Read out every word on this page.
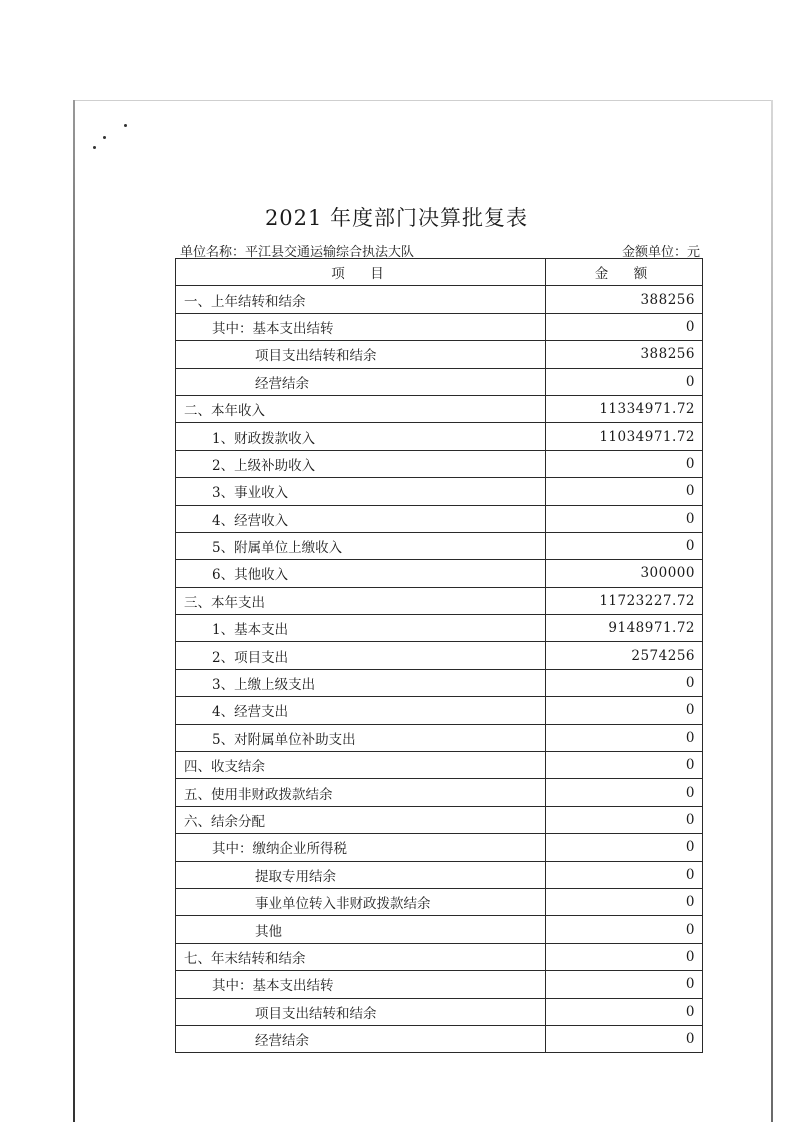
2021 年度部门决算批复表
单位名称：平江县交通运输综合执法大队	金额单位：元
项　目	金　额
一、上年结转和结余	388256
其中：基本支出结转	0
项目支出结转和结余	388256
经营结余	0
二、本年收入	11334971.72
1、财政拨款收入	11034971.72
2、上级补助收入	0
3、事业收入	0
4、经营收入	0
5、附属单位上缴收入	0
6、其他收入	300000
三、本年支出	11723227.72
1、基本支出	9148971.72
2、项目支出	2574256
3、上缴上级支出	0
4、经营支出	0
5、对附属单位补助支出	0
四、收支结余	0
五、使用非财政拨款结余	0
六、结余分配	0
其中：缴纳企业所得税	0
提取专用结余	0
事业单位转入非财政拨款结余	0
其他	0
七、年末结转和结余	0
其中：基本支出结转	0
项目支出结转和结余	0
经营结余	0
